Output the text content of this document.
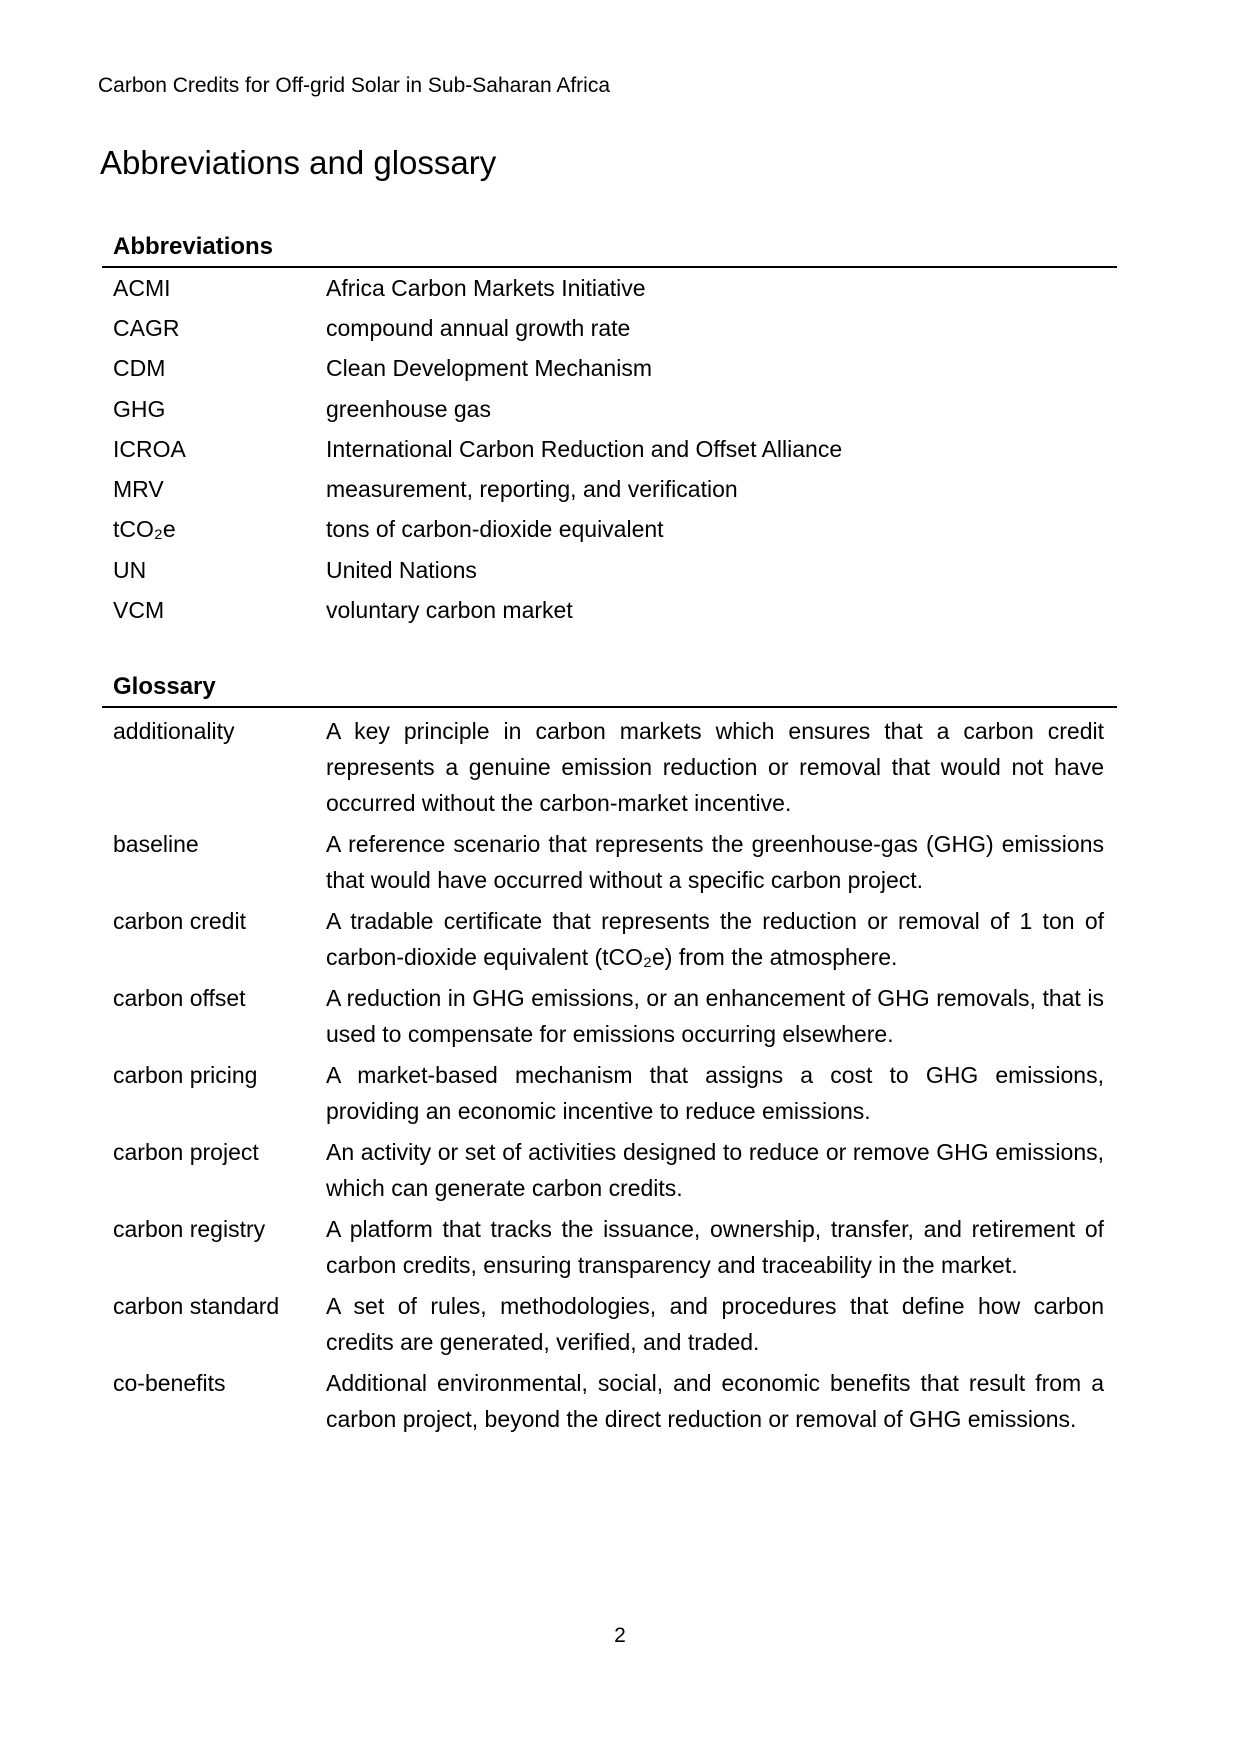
Carbon Credits for Off-grid Solar in Sub-Saharan Africa
Abbreviations and glossary
Abbreviations
ACMI	Africa Carbon Markets Initiative
CAGR	compound annual growth rate
CDM	Clean Development Mechanism
GHG	greenhouse gas
ICROA	International Carbon Reduction and Offset Alliance
MRV	measurement, reporting, and verification
tCO₂e	tons of carbon-dioxide equivalent
UN	United Nations
VCM	voluntary carbon market
Glossary
additionality	A key principle in carbon markets which ensures that a carbon credit represents a genuine emission reduction or removal that would not have occurred without the carbon-market incentive.
baseline	A reference scenario that represents the greenhouse-gas (GHG) emissions that would have occurred without a specific carbon project.
carbon credit	A tradable certificate that represents the reduction or removal of 1 ton of carbon-dioxide equivalent (tCO₂e) from the atmosphere.
carbon offset	A reduction in GHG emissions, or an enhancement of GHG removals, that is used to compensate for emissions occurring elsewhere.
carbon pricing	A market-based mechanism that assigns a cost to GHG emissions, providing an economic incentive to reduce emissions.
carbon project	An activity or set of activities designed to reduce or remove GHG emissions, which can generate carbon credits.
carbon registry	A platform that tracks the issuance, ownership, transfer, and retirement of carbon credits, ensuring transparency and traceability in the market.
carbon standard	A set of rules, methodologies, and procedures that define how carbon credits are generated, verified, and traded.
co-benefits	Additional environmental, social, and economic benefits that result from a carbon project, beyond the direct reduction or removal of GHG emissions.
2
